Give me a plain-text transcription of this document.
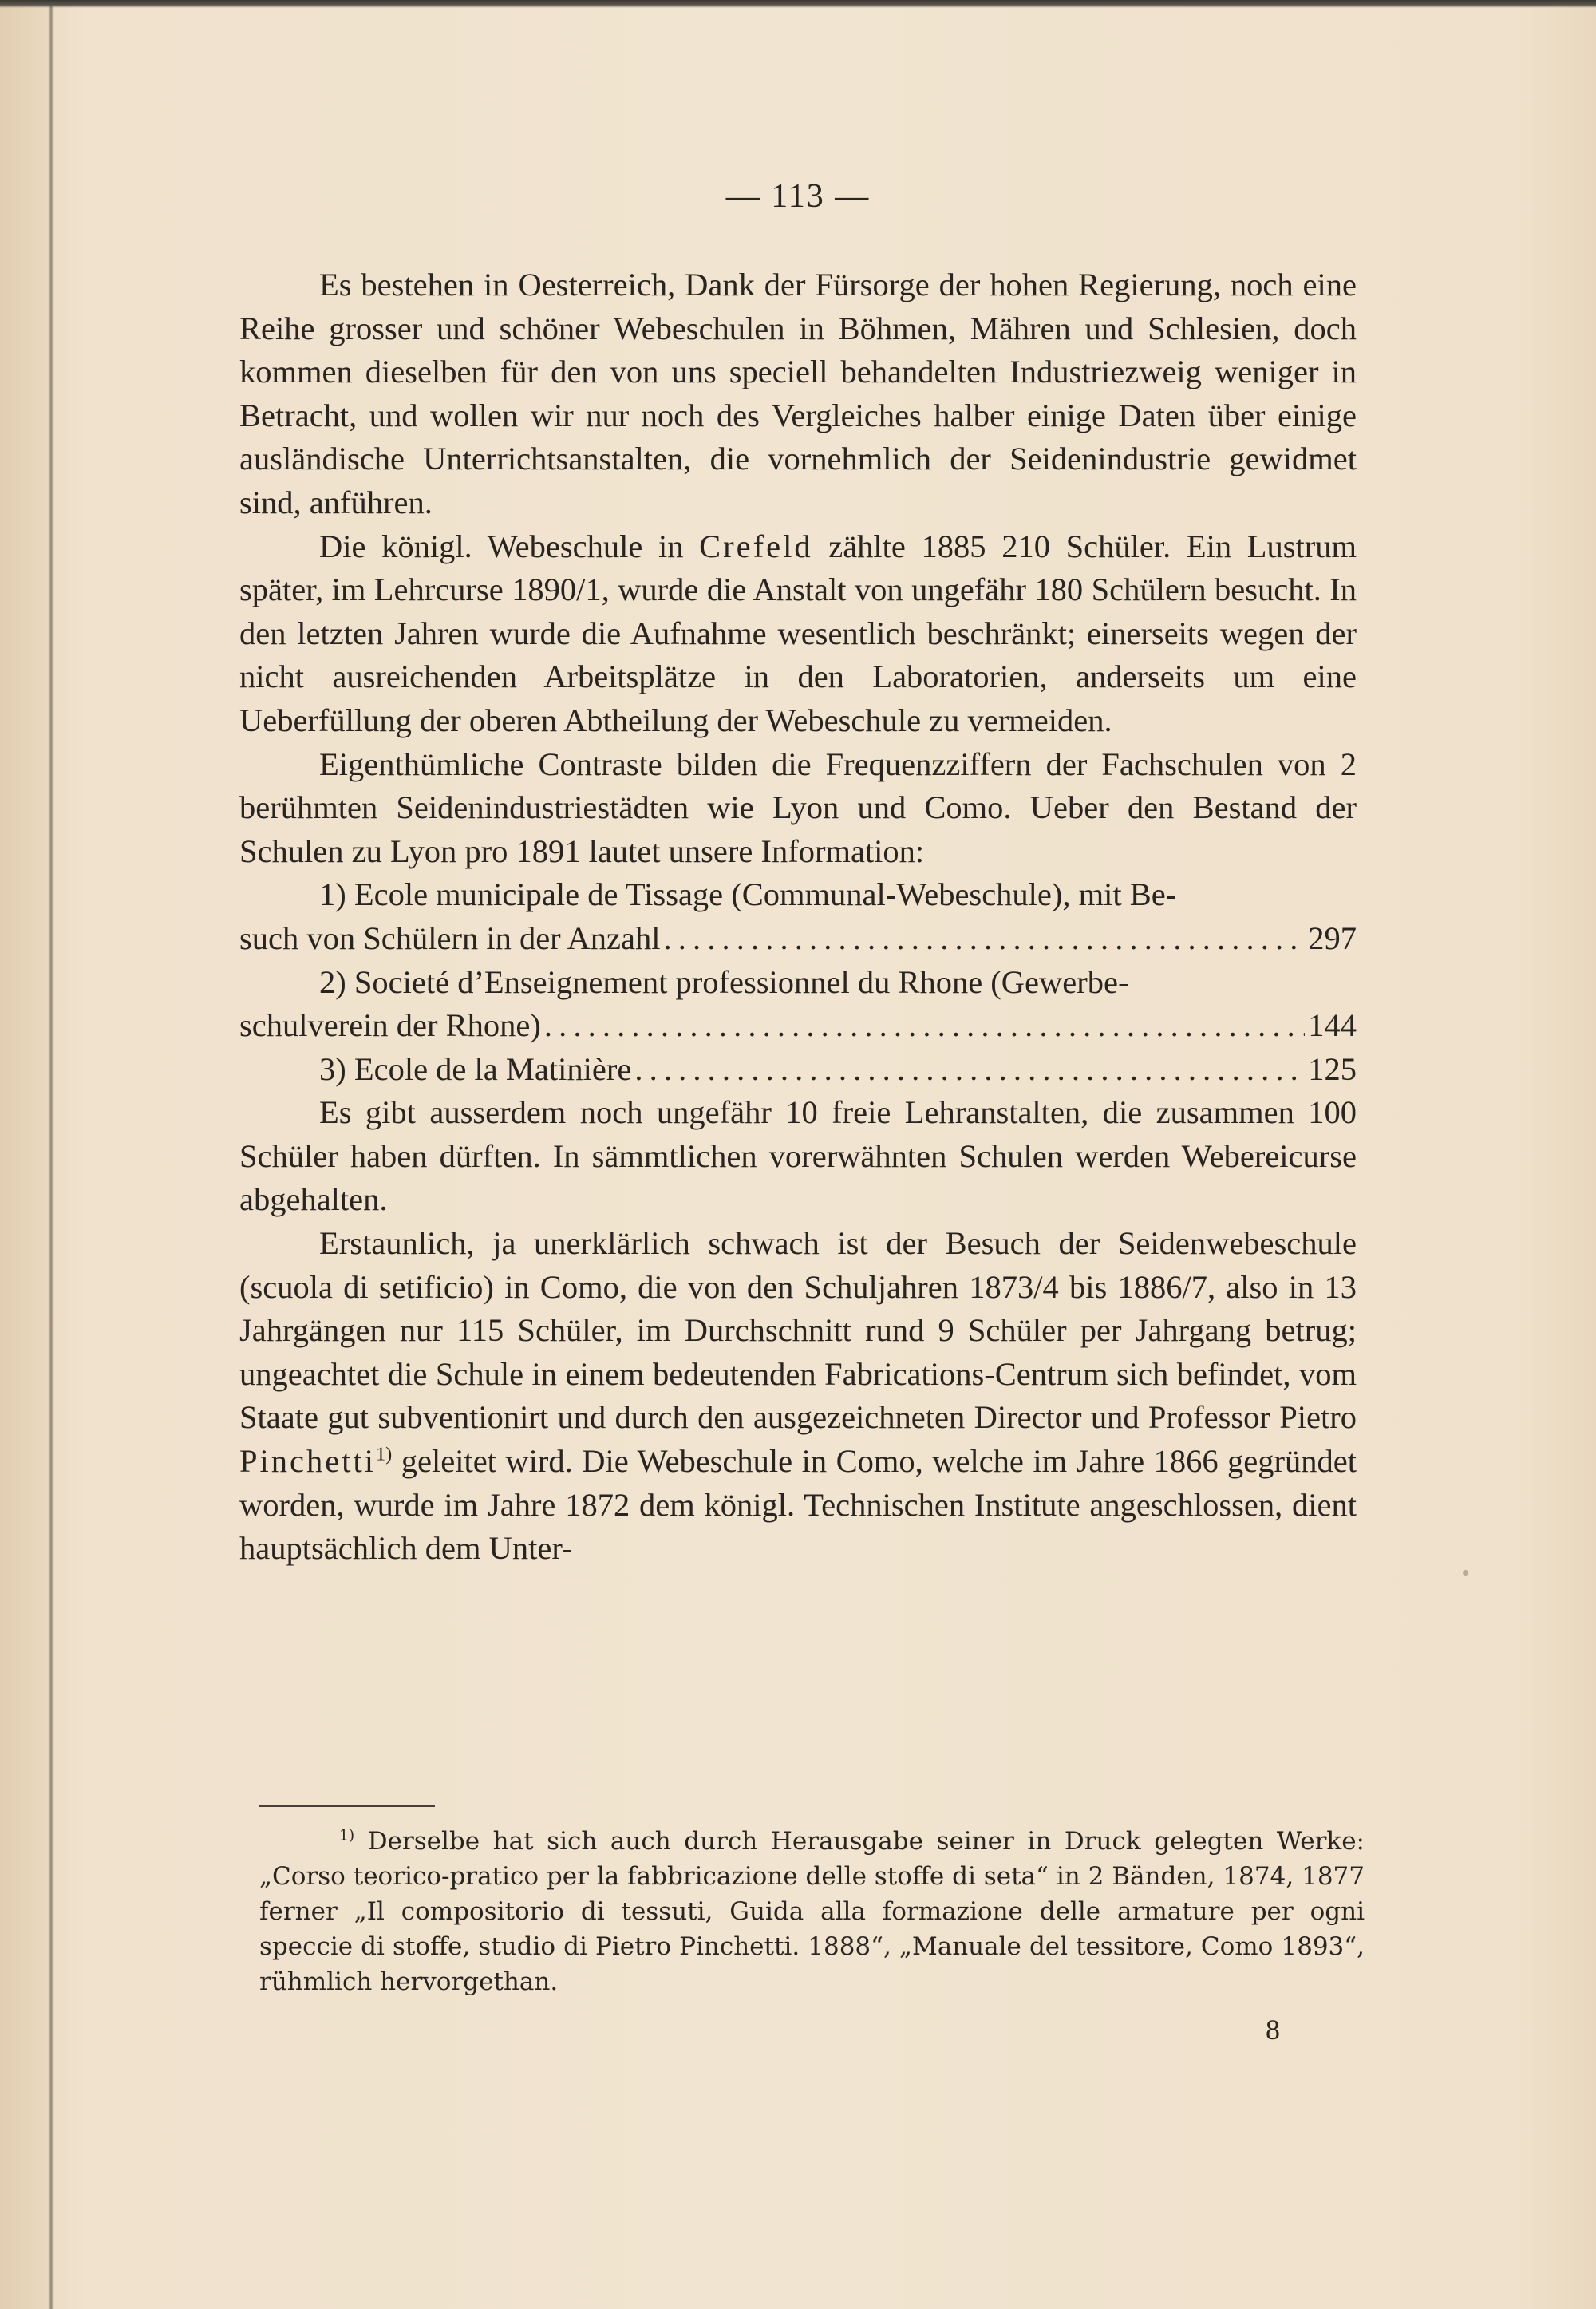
— 113 —

Es bestehen in Oesterreich, Dank der Fürsorge der hohen Regierung, noch eine Reihe grosser und schöner Webeschulen in Böhmen, Mähren und Schlesien, doch kommen dieselben für den von uns speciell behandelten Industriezweig weniger in Betracht, und wollen wir nur noch des Vergleiches halber einige Daten über einige ausländische Unterrichtsanstalten, die vornehmlich der Seidenindustrie gewidmet sind, anführen.

Die königl. Webeschule in Crefeld zählte 1885 210 Schüler. Ein Lustrum später, im Lehrcurse 1890/1, wurde die Anstalt von ungefähr 180 Schülern besucht. In den letzten Jahren wurde die Aufnahme wesentlich beschränkt; einerseits wegen der nicht ausreichenden Arbeitsplätze in den Laboratorien, anderseits um eine Ueberfüllung der oberen Abtheilung der Webeschule zu vermeiden.

Eigenthümliche Contraste bilden die Frequenzziffern der Fachschulen von 2 berühmten Seidenindustriestädten wie Lyon und Como. Ueber den Bestand der Schulen zu Lyon pro 1891 lautet unsere Information:

1) Ecole municipale de Tissage (Communal-Webeschule), mit Be-

such von Schülern in der Anzahl . . .	297

2) Societé d’Enseignement professionnel du Rhone (Gewerbe-

schulverein der Rhone) . . .	144
3) Ecole de la Matinière . . .	125

Es gibt ausserdem noch ungefähr 10 freie Lehranstalten, die zusammen 100 Schüler haben dürften. In sämmtlichen vorerwähnten Schulen werden Webereicurse abgehalten.

Erstaunlich, ja unerklärlich schwach ist der Besuch der Seidenwebeschule (scuola di setificio) in Como, die von den Schuljahren 1873/4 bis 1886/7, also in 13 Jahrgängen nur 115 Schüler, im Durchschnitt rund 9 Schüler per Jahrgang betrug; ungeachtet die Schule in einem bedeutenden Fabrications-Centrum sich befindet, vom Staate gut subventionirt und durch den ausgezeichneten Director und Professor Pietro Pinchetti$^{1)}$ geleitet wird. Die Webeschule in Como, welche im Jahre 1866 gegründet worden, wurde im Jahre 1872 dem königl. Technischen Institute angeschlossen, dient hauptsächlich dem Unter-

$^{1)}$ Derselbe hat sich auch durch Herausgabe seiner in Druck gelegten Werke: „Corso teorico-pratico per la fabbricazione delle stoffe di seta“ in 2 Bänden, 1874, 1877 ferner „Il compositorio di tessuti, Guida alla formazione delle armature per ogni speccie di stoffe, studio di Pietro Pinchetti. 1888“, „Manuale del tessitore, Como 1893“, rühmlich hervorgethan.

8
